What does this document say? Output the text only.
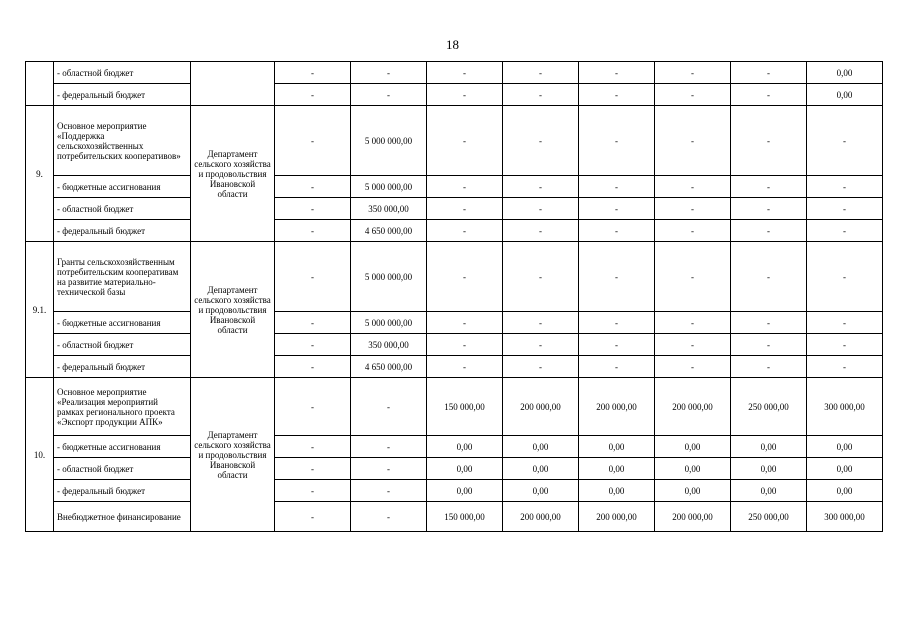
18
	- областной бюджет		-	-	-	-	-	-	-	0,00
	- федеральный бюджет		-	-	-	-	-	-	-	0,00
9.	Основное мероприятие «Поддержка сельскохозяйственных потребительских кооперативов»	Департамент сельского хозяйства и продовольствия Ивановской области	-	5 000 000,00	-	-	-	-	-	-
	- бюджетные ассигнования		-	5 000 000,00	-	-	-	-	-	-
	- областной бюджет		-	350 000,00	-	-	-	-	-	-
	- федеральный бюджет		-	4 650 000,00	-	-	-	-	-	-
9.1.	Гранты сельскохозяйственным потребительским кооперативам на развитие материально-технической базы	Департамент сельского хозяйства и продовольствия Ивановской области	-	5 000 000,00	-	-	-	-	-	-
	- бюджетные ассигнования		-	5 000 000,00	-	-	-	-	-	-
	- областной бюджет		-	350 000,00	-	-	-	-	-	-
	- федеральный бюджет		-	4 650 000,00	-	-	-	-	-	-
10.	Основное мероприятие «Реализация мероприятий рамках регионального проекта «Экспорт продукции АПК»	Департамент сельского хозяйства и продовольствия Ивановской области	-	-	150 000,00	200 000,00	200 000,00	200 000,00	250 000,00	300 000,00
	- бюджетные ассигнования		-	-	0,00	0,00	0,00	0,00	0,00	0,00
	- областной бюджет		-	-	0,00	0,00	0,00	0,00	0,00	0,00
	- федеральный бюджет		-	-	0,00	0,00	0,00	0,00	0,00	0,00
	Внебюджетное финансирование		-	-	150 000,00	200 000,00	200 000,00	200 000,00	250 000,00	300 000,00
